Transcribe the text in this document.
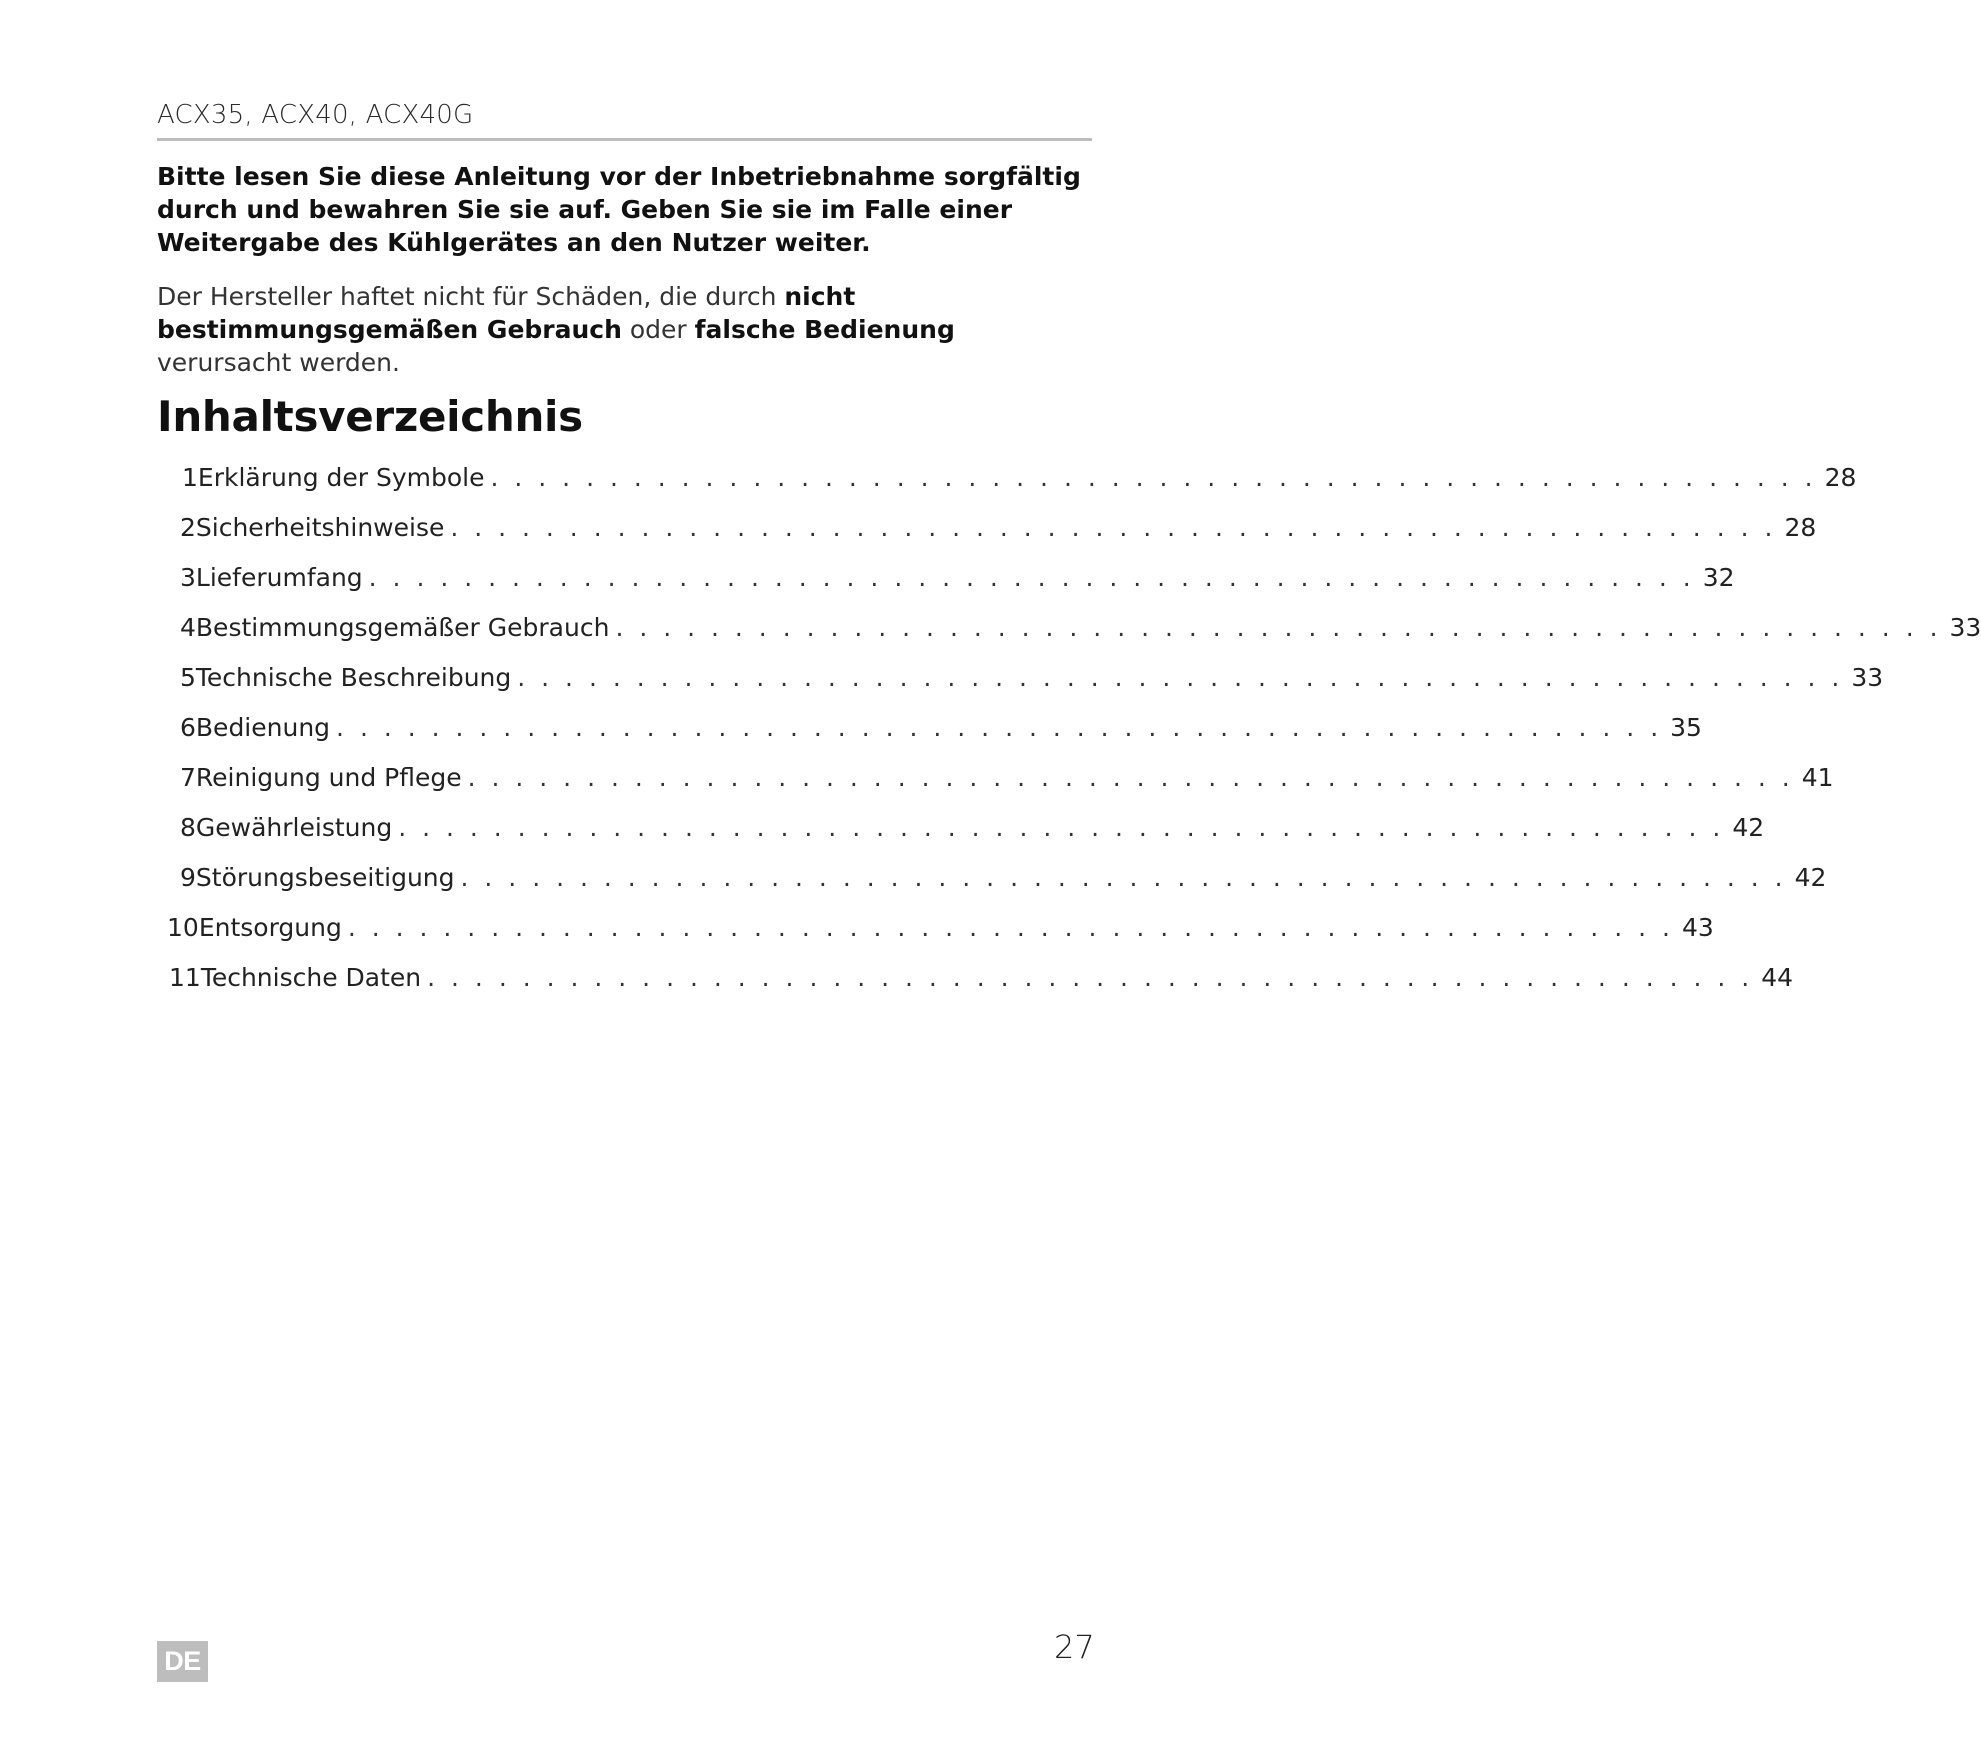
ACX35, ACX40, ACX40G
Bitte lesen Sie diese Anleitung vor der Inbetriebnahme sorgfältig durch und bewahren Sie sie auf. Geben Sie sie im Falle einer Weitergabe des Kühlgerätes an den Nutzer weiter.
Der Hersteller haftet nicht für Schäden, die durch nicht bestimmungsgemäßen Gebrauch oder falsche Bedienung verursacht werden.
Inhaltsverzeichnis
1 Erklärung der Symbole . . . . . . . . . . . . . . . . . . . . . . . . . . . . . . . . . . . . . . . . . . . . . . . . . . . . . . . . 28
2 Sicherheitshinweise . . . . . . . . . . . . . . . . . . . . . . . . . . . . . . . . . . . . . . . . . . . . . . . . . . . . . . . . 28
3 Lieferumfang . . . . . . . . . . . . . . . . . . . . . . . . . . . . . . . . . . . . . . . . . . . . . . . . . . . . . . . . 32
4 Bestimmungsgemäßer Gebrauch . . . . . . . . . . . . . . . . . . . . . . . . . . . . . . . . . . . . . . . . . . . . . . . . . . . . . . . . 33
5 Technische Beschreibung . . . . . . . . . . . . . . . . . . . . . . . . . . . . . . . . . . . . . . . . . . . . . . . . . . . . . . . . 33
6 Bedienung . . . . . . . . . . . . . . . . . . . . . . . . . . . . . . . . . . . . . . . . . . . . . . . . . . . . . . . . 35
7 Reinigung und Pflege . . . . . . . . . . . . . . . . . . . . . . . . . . . . . . . . . . . . . . . . . . . . . . . . . . . . . . . . 41
8 Gewährleistung . . . . . . . . . . . . . . . . . . . . . . . . . . . . . . . . . . . . . . . . . . . . . . . . . . . . . . . . 42
9 Störungsbeseitigung . . . . . . . . . . . . . . . . . . . . . . . . . . . . . . . . . . . . . . . . . . . . . . . . . . . . . . . . 42
10 Entsorgung . . . . . . . . . . . . . . . . . . . . . . . . . . . . . . . . . . . . . . . . . . . . . . . . . . . . . . . . 43
11 Technische Daten . . . . . . . . . . . . . . . . . . . . . . . . . . . . . . . . . . . . . . . . . . . . . . . . . . . . . . . . 44
DE	27
